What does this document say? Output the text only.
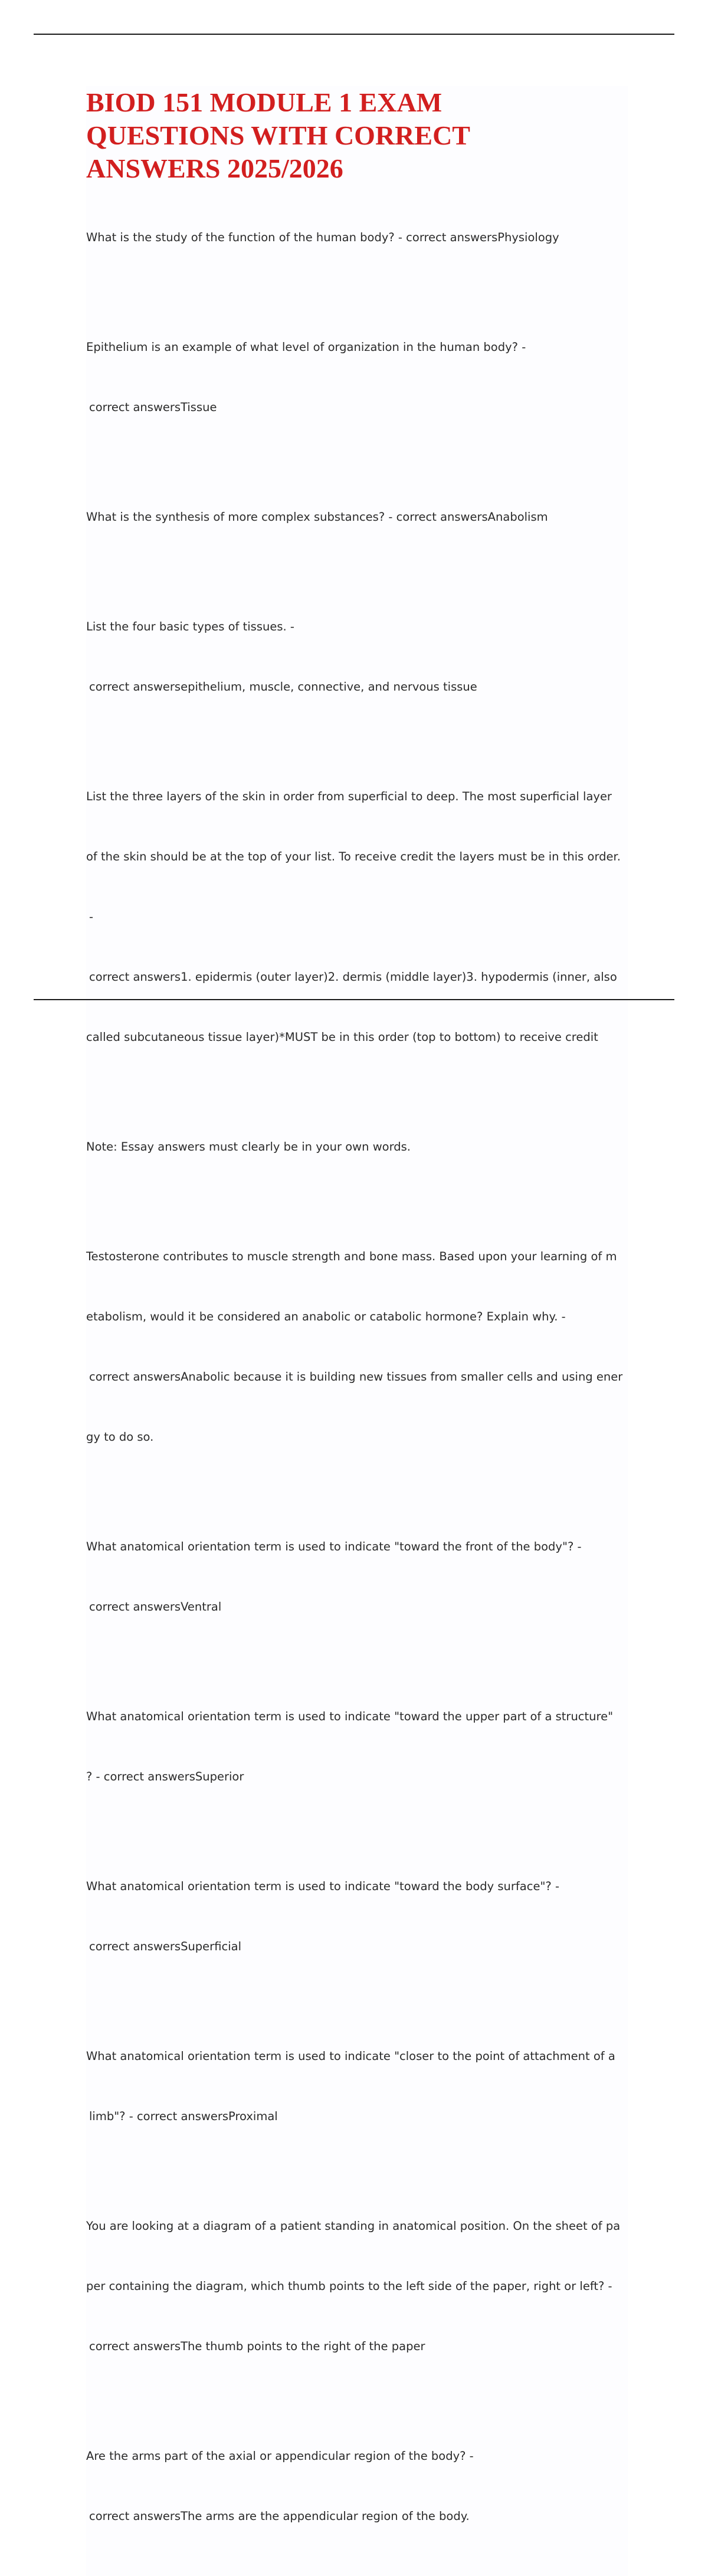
BIOD 151 MODULE 1 EXAM
QUESTIONS WITH CORRECT
ANSWERS 2025/2026

What is the study of the function of the human body? - correct answersPhysiology

Epithelium is an example of what level of organization in the human body? -

correct answersTissue

What is the synthesis of more complex substances? - correct answersAnabolism

List the four basic types of tissues. -

correct answersepithelium, muscle, connective, and nervous tissue

List the three layers of the skin in order from superficial to deep. The most superficial layer

of the skin should be at the top of your list. To receive credit the layers must be in this order.

-

correct answers1. epidermis (outer layer)2. dermis (middle layer)3. hypodermis (inner, also

called subcutaneous tissue layer)*MUST be in this order (top to bottom) to receive credit

Note: Essay answers must clearly be in your own words.

Testosterone contributes to muscle strength and bone mass. Based upon your learning of m

etabolism, would it be considered an anabolic or catabolic hormone? Explain why. -

correct answersAnabolic because it is building new tissues from smaller cells and using ener

gy to do so.

What anatomical orientation term is used to indicate "toward the front of the body"? -

correct answersVentral

What anatomical orientation term is used to indicate "toward the upper part of a structure"

? - correct answersSuperior

What anatomical orientation term is used to indicate "toward the body surface"? -

correct answersSuperficial

What anatomical orientation term is used to indicate "closer to the point of attachment of a

limb"? - correct answersProximal

You are looking at a diagram of a patient standing in anatomical position. On the sheet of pa

per containing the diagram, which thumb points to the left side of the paper, right or left? -

correct answersThe thumb points to the right of the paper

Are the arms part of the axial or appendicular region of the body? -

correct answersThe arms are the appendicular region of the body.
